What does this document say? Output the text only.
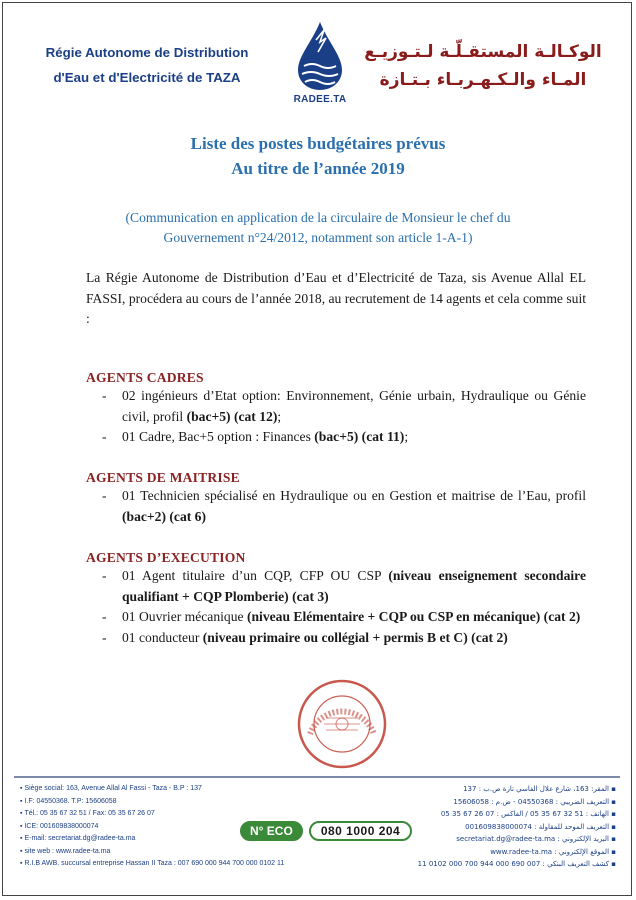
Régie Autonome de Distribution
d'Eau et d'Electricité de TAZA
RADEE.TA
الوكـالـة المستقـلّـة لـتـوزيـع
المـاء والـكـهـربـاء بـتـازة
Liste des postes budgétaires prévus
Au titre de l’année 2019
(Communication en application de la circulaire de Monsieur le chef du Gouvernement n°24/2012, notamment son article 1-A-1)
La Régie Autonome de Distribution d’Eau et d’Electricité de Taza, sis Avenue Allal EL FASSI, procédera au cours de l’année 2018, au recrutement de 14 agents et cela comme suit :
AGENTS CADRES
- 02 ingénieurs d’Etat option: Environnement, Génie urbain, Hydraulique ou Génie civil, profil (bac+5) (cat 12);
- 01 Cadre, Bac+5 option : Finances (bac+5) (cat 11);
AGENTS DE MAITRISE
- 01 Technicien spécialisé en Hydraulique ou en Gestion et maitrise de l’Eau, profil (bac+2) (cat 6)
AGENTS D’EXECUTION
- 01 Agent titulaire d’un CQP, CFP OU CSP (niveau enseignement secondaire qualifiant + CQP Plomberie) (cat 3)
- 01 Ouvrier mécanique (niveau Elémentaire + CQP ou CSP en mécanique) (cat 2)
- 01 conducteur (niveau primaire ou collégial + permis B et C) (cat 2)
▪ Siège social: 163, Avenue Allal Al Fassi - Taza - B.P : 137
▪ I.F: 04550368. T.P: 15606058
▪ Tél.: 05 35 67 32 51 / Fax: 05 35 67 26 07
▪ ICE: 001609838000074
▪ E-mail: secretariat.dg@radee-ta.ma
▪ site web : www.radee-ta.ma
▪ R.I.B AWB. succursal entreprise Hassan II Taza : 007 690 000 944 700 000 0102 11
▪ المقر: 163، شارع علال الفاسي تازة ص.ب : 137
▪ التعريف الضريبي : 04550368 - ض.م : 15606058
▪ الهاتف : 51 32 67 35 05 / الفاكس : 07 26 67 35 05
▪ التعريف الموحد للمقاولة : 001609838000074
▪ البريد الإلكتروني : secretariat.dg@radee-ta.ma
▪ الموقع الإلكتروني : www.radee-ta.ma
▪ كشف التعريف البنكي : 007 690 000 944 700 000 0102 11
N° ECO	080 1000 204
